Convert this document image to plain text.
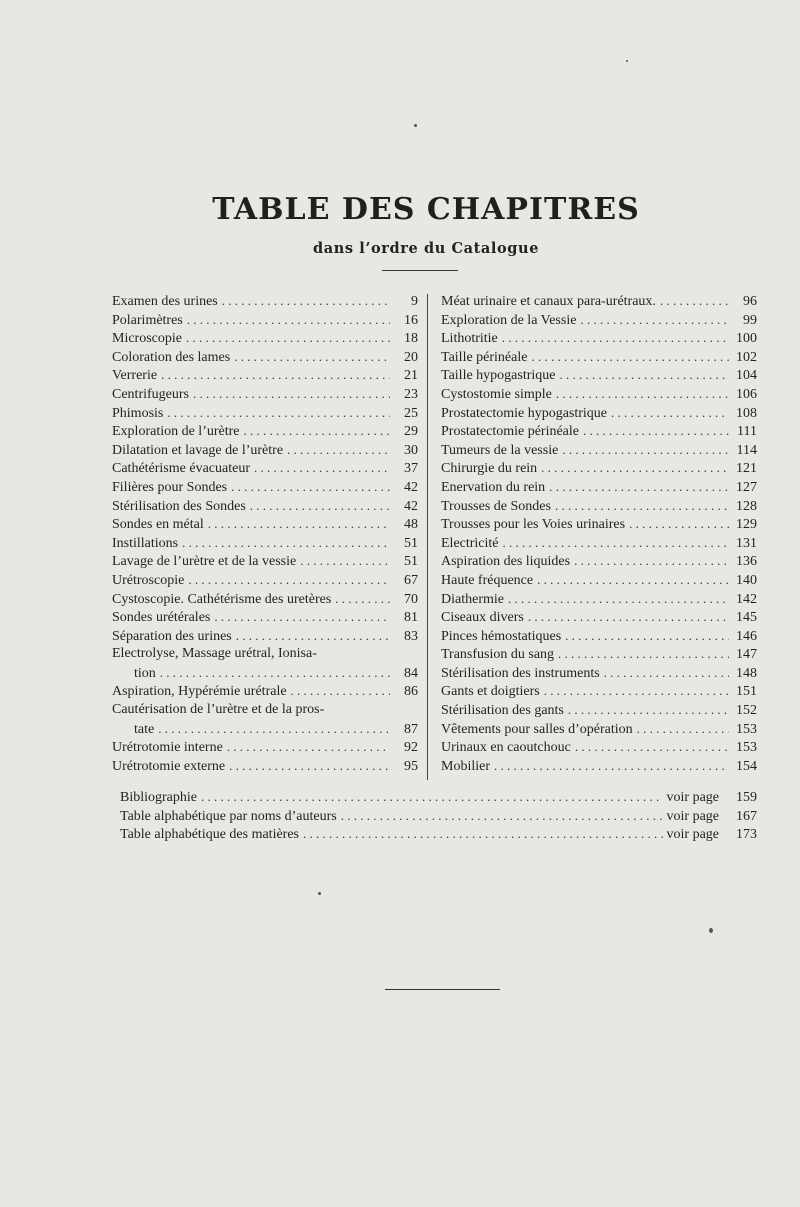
TABLE DES CHAPITRES
dans l’ordre du Catalogue
Examen des urines . . .	9
Polarimètres . . .	16
Microscopie . . .	18
Coloration des lames . . .	20
Verrerie . . .	21
Centrifugeurs . . .	23
Phimosis . . .	25
Exploration de l’urètre . . .	29
Dilatation et lavage de l’urètre . . .	30
Cathétérisme évacuateur . . .	37
Filières pour Sondes . . .	42
Stérilisation des Sondes . . .	42
Sondes en métal . . .	48
Instillations . . .	51
Lavage de l’urètre et de la vessie . . .	51
Urétroscopie . . .	67
Cystoscopie. Cathétérisme des uretères . . .	70
Sondes urétérales . . .	81
Séparation des urines . . .	83
Electrolyse, Massage urétral, Ionisa-
tion . . .	84
Aspiration, Hypérémie urétrale . . .	86
Cautérisation de l’urètre et de la pros-
tate . . .	87
Urétrotomie interne . . .	92
Urétrotomie externe . . .	95
Méat urinaire et canaux para-urétraux. . . .	96
Exploration de la Vessie . . .	99
Lithotritie . . .	100
Taille périnéale . . .	102
Taille hypogastrique . . .	104
Cystostomie simple . . .	106
Prostatectomie hypogastrique . . .	108
Prostatectomie périnéale . . .	111
Tumeurs de la vessie . . .	114
Chirurgie du rein . . .	121
Enervation du rein . . .	127
Trousses de Sondes . . .	128
Trousses pour les Voies urinaires . . .	129
Electricité . . .	131
Aspiration des liquides . . .	136
Haute fréquence . . .	140
Diathermie . . .	142
Ciseaux divers . . .	145
Pinces hémostatiques . . .	146
Transfusion du sang . . .	147
Stérilisation des instruments . . .	148
Gants et doigtiers . . .	151
Stérilisation des gants . . .	152
Vêtements pour salles d’opération . . .	153
Urinaux en caoutchouc . . .	153
Mobilier . . .	154
Bibliographie . . .	voir page	159
Table alphabétique par noms d’auteurs . . .	voir page	167
Table alphabétique des matières . . .	voir page	173
